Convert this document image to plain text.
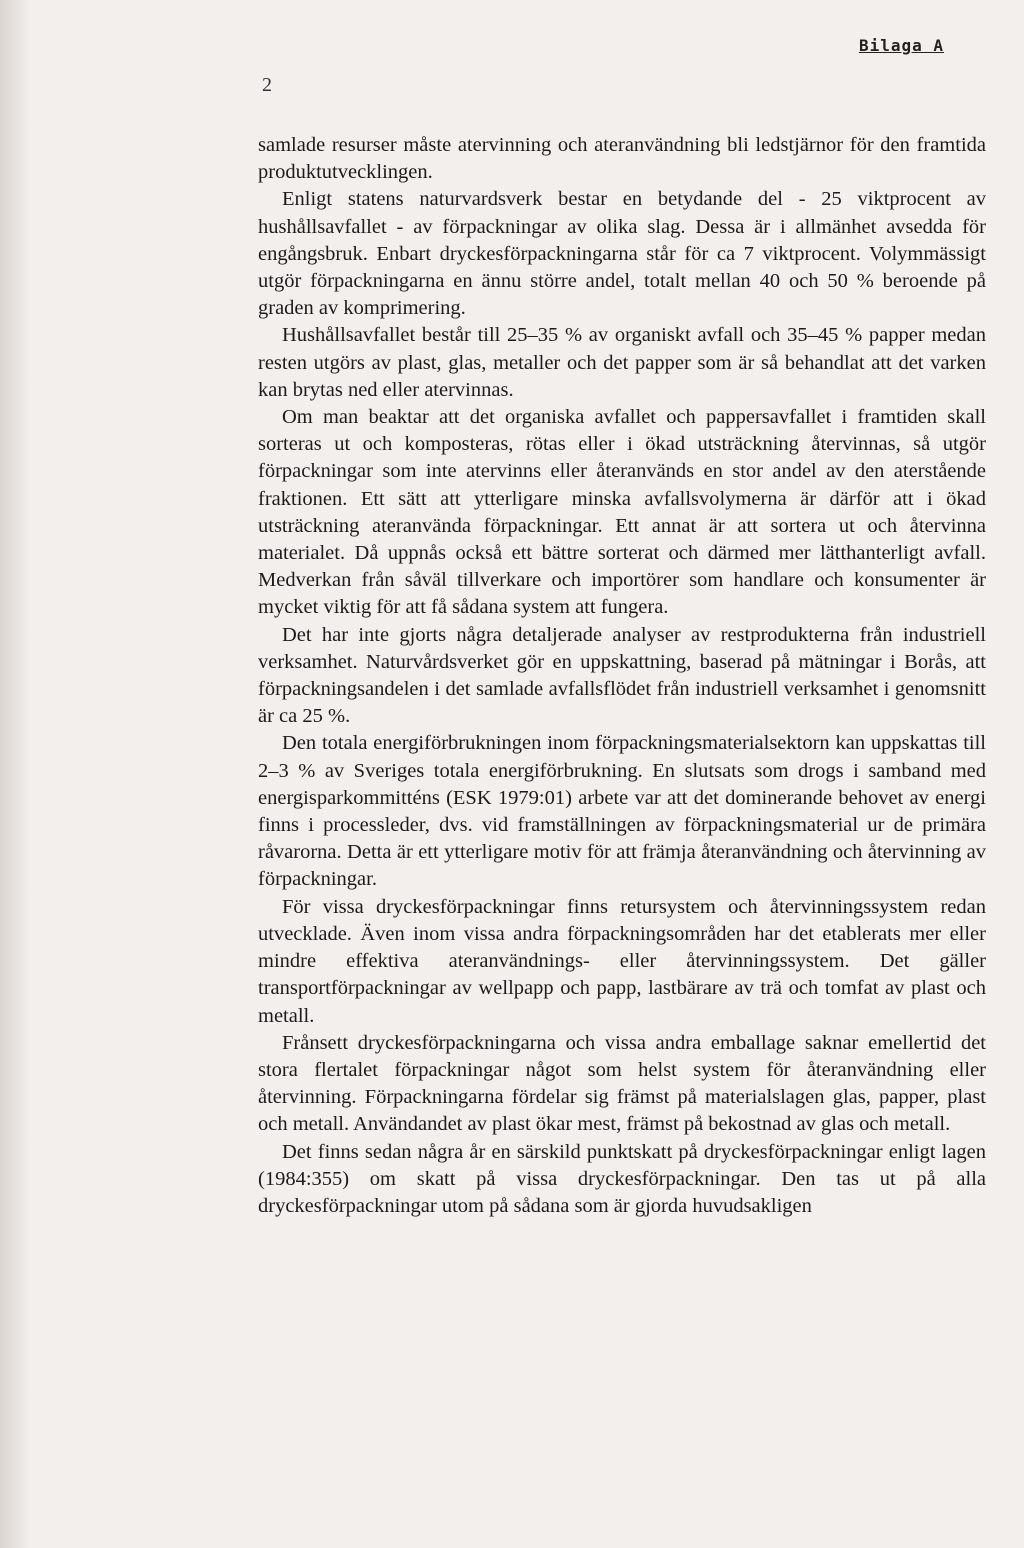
Bilaga A
2

samlade resurser måste atervinning och ateranvändning bli ledstjärnor för den framtida produktutvecklingen.

Enligt statens naturvardsverk bestar en betydande del - 25 viktprocent av hushållsavfallet - av förpackningar av olika slag. Dessa är i allmänhet avsedda för engångsbruk. Enbart dryckesförpackningarna står för ca 7 viktprocent. Volymmässigt utgör förpackningarna en ännu större andel, totalt mellan 40 och 50 % beroende på graden av komprimering.

Hushållsavfallet består till 25–35 % av organiskt avfall och 35–45 % papper medan resten utgörs av plast, glas, metaller och det papper som är så behandlat att det varken kan brytas ned eller atervinnas.

Om man beaktar att det organiska avfallet och pappersavfallet i framtiden skall sorteras ut och komposteras, rötas eller i ökad utsträckning återvinnas, så utgör förpackningar som inte atervinns eller återanvänds en stor andel av den aterstående fraktionen. Ett sätt att ytterligare minska avfallsvolymerna är därför att i ökad utsträckning ateranvända förpackningar. Ett annat är att sortera ut och återvinna materialet. Då uppnås också ett bättre sorterat och därmed mer lätthanterligt avfall. Medverkan från såväl tillverkare och importörer som handlare och konsumenter är mycket viktig för att få sådana system att fungera.

Det har inte gjorts några detaljerade analyser av restprodukterna från industriell verksamhet. Naturvårdsverket gör en uppskattning, baserad på mätningar i Borås, att förpackningsandelen i det samlade avfallsflödet från industriell verksamhet i genomsnitt är ca 25 %.

Den totala energiförbrukningen inom förpackningsmaterialsektorn kan uppskattas till 2–3 % av Sveriges totala energiförbrukning. En slutsats som drogs i samband med energisparkommitténs (ESK 1979:01) arbete var att det dominerande behovet av energi finns i processleder, dvs. vid framställningen av förpackningsmaterial ur de primära råvarorna. Detta är ett ytterligare motiv för att främja återanvändning och återvinning av förpackningar.

För vissa dryckesförpackningar finns retursystem och återvinningssystem redan utvecklade. Även inom vissa andra förpackningsområden har det etablerats mer eller mindre effektiva ateranvändnings- eller återvinningssystem. Det gäller transportförpackningar av wellpapp och papp, lastbärare av trä och tomfat av plast och metall.

Frånsett dryckesförpackningarna och vissa andra emballage saknar emellertid det stora flertalet förpackningar något som helst system för återanvändning eller återvinning. Förpackningarna fördelar sig främst på materialslagen glas, papper, plast och metall. Användandet av plast ökar mest, främst på bekostnad av glas och metall.

Det finns sedan några år en särskild punktskatt på dryckesförpackningar enligt lagen (1984:355) om skatt på vissa dryckesförpackningar. Den tas ut på alla dryckesförpackningar utom på sådana som är gjorda huvudsakligen
